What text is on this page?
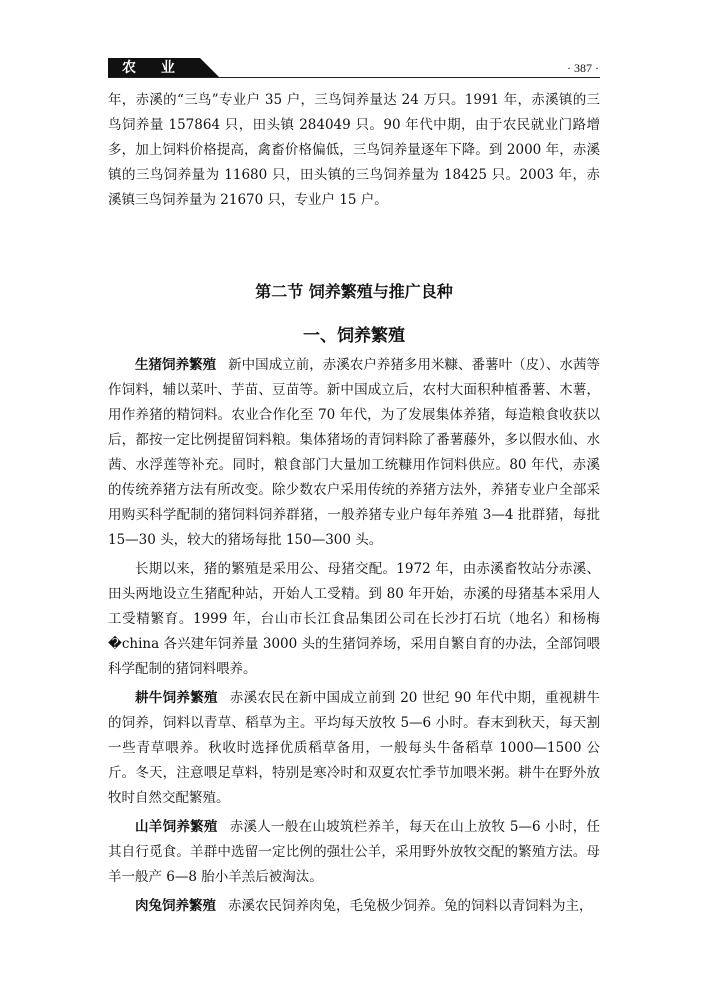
农 业	· 387 ·

年，赤溪的“三鸟”专业户 35 户，三鸟饲养量达 24 万只。1991 年，赤溪镇的三鸟饲养量 157864 只，田头镇 284049 只。90 年代中期，由于农民就业门路增多，加上饲料价格提高，禽畜价格偏低，三鸟饲养量逐年下降。到 2000 年，赤溪镇的三鸟饲养量为 11680 只，田头镇的三鸟饲养量为 18425 只。2003 年，赤溪镇三鸟饲养量为 21670 只，专业户 15 户。

第二节 饲养繁殖与推广良种
一、饲养繁殖

生猪饲养繁殖 新中国成立前，赤溪农户养猪多用米糠、番薯叶（皮）、水茜等作饲料，辅以菜叶、芋苗、豆苗等。新中国成立后，农村大面积种植番薯、木薯，用作养猪的精饲料。农业合作化至 70 年代，为了发展集体养猪，每造粮食收获以后，都按一定比例提留饲料粮。集体猪场的青饲料除了番薯藤外，多以假水仙、水茜、水浮莲等补充。同时，粮食部门大量加工统糠用作饲料供应。80 年代，赤溪的传统养猪方法有所改变。除少数农户采用传统的养猪方法外，养猪专业户全部采用购买科学配制的猪饲料饲养群猪，一般养猪专业户每年养殖 3—4 批群猪，每批 15—30 头，较大的猪场每批 150—300 头。

长期以来，猪的繁殖是采用公、母猪交配。1972 年，由赤溪畜牧站分赤溪、田头两地设立生猪配种站，开始人工受精。到 80 年开始，赤溪的母猪基本采用人工受精繁育。1999 年，台山市长江食品集团公司在长沙打石坑（地名）和杨梅�china 各兴建年饲养量 3000 头的生猪饲养场，采用自繁自育的办法，全部饲喂科学配制的猪饲料喂养。

耕牛饲养繁殖 赤溪农民在新中国成立前到 20 世纪 90 年代中期，重视耕牛的饲养，饲料以青草、稻草为主。平均每天放牧 5—6 小时。春末到秋天，每天割一些青草喂养。秋收时选择优质稻草备用，一般每头牛备稻草 1000—1500 公斤。冬天，注意喂足草料，特别是寒冷时和双夏农忙季节加喂米粥。耕牛在野外放牧时自然交配繁殖。

山羊饲养繁殖 赤溪人一般在山坡筑栏养羊，每天在山上放牧 5—6 小时，任其自行觅食。羊群中选留一定比例的强壮公羊，采用野外放牧交配的繁殖方法。母羊一般产 6—8 胎小羊羔后被淘汰。

肉兔饲养繁殖 赤溪农民饲养肉兔，毛兔极少饲养。兔的饲料以青饲料为主，
